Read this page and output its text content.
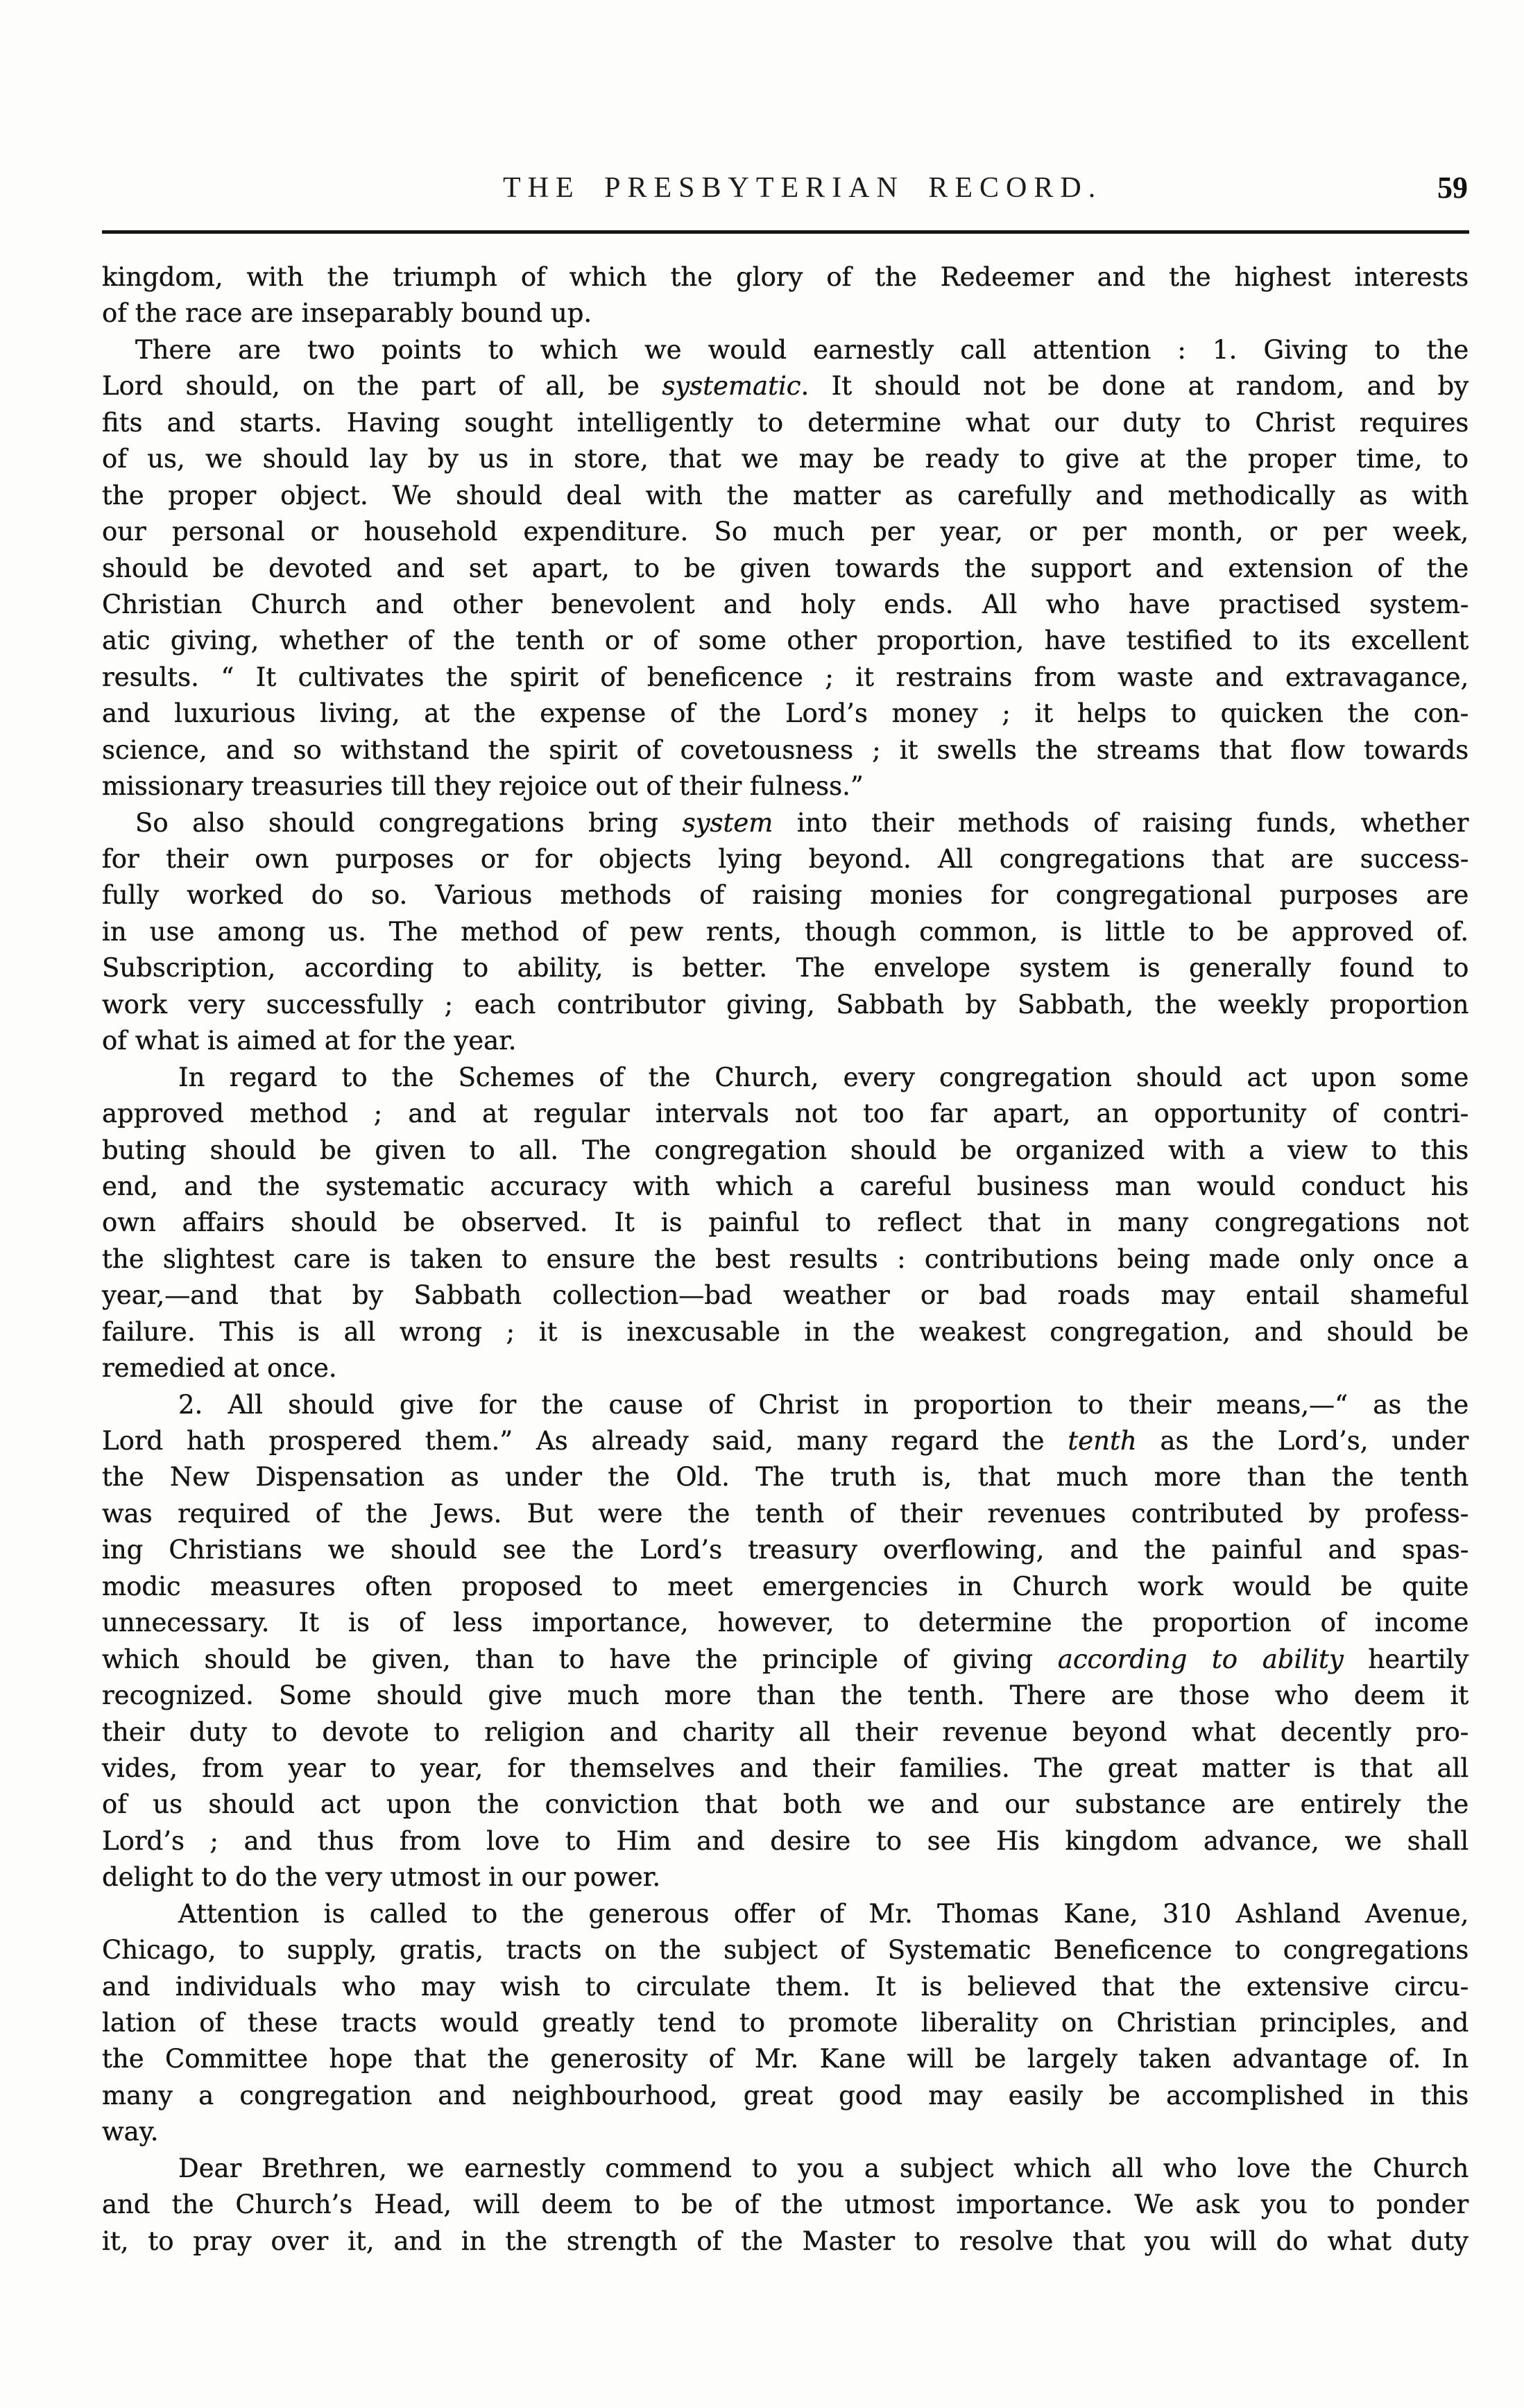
THE PRESBYTERIAN RECORD.	59
kingdom, with the triumph of which the glory of the Redeemer and the highest interests
of the race are inseparably bound up.
There are two points to which we would earnestly call attention : 1. Giving to the
Lord should, on the part of all, be systematic. It should not be done at random, and by
fits and starts. Having sought intelligently to determine what our duty to Christ requires
of us, we should lay by us in store, that we may be ready to give at the proper time, to
the proper object. We should deal with the matter as carefully and methodically as with
our personal or household expenditure. So much per year, or per month, or per week,
should be devoted and set apart, to be given towards the support and extension of the
Christian Church and other benevolent and holy ends. All who have practised system-
atic giving, whether of the tenth or of some other proportion, have testified to its excellent
results. “ It cultivates the spirit of beneficence ; it restrains from waste and extravagance,
and luxurious living, at the expense of the Lord’s money ; it helps to quicken the con-
science, and so withstand the spirit of covetousness ; it swells the streams that flow towards
missionary treasuries till they rejoice out of their fulness.”
So also should congregations bring system into their methods of raising funds, whether
for their own purposes or for objects lying beyond. All congregations that are success-
fully worked do so. Various methods of raising monies for congregational purposes are
in use among us. The method of pew rents, though common, is little to be approved of.
Subscription, according to ability, is better. The envelope system is generally found to
work very successfully ; each contributor giving, Sabbath by Sabbath, the weekly proportion
of what is aimed at for the year.
In regard to the Schemes of the Church, every congregation should act upon some
approved method ; and at regular intervals not too far apart, an opportunity of contri-
buting should be given to all. The congregation should be organized with a view to this
end, and the systematic accuracy with which a careful business man would conduct his
own affairs should be observed. It is painful to reflect that in many congregations not
the slightest care is taken to ensure the best results : contributions being made only once a
year,—and that by Sabbath collection—bad weather or bad roads may entail shameful
failure. This is all wrong ; it is inexcusable in the weakest congregation, and should be
remedied at once.
2. All should give for the cause of Christ in proportion to their means,—“ as the
Lord hath prospered them.” As already said, many regard the tenth as the Lord’s, under
the New Dispensation as under the Old. The truth is, that much more than the tenth
was required of the Jews. But were the tenth of their revenues contributed by profess-
ing Christians we should see the Lord’s treasury overflowing, and the painful and spas-
modic measures often proposed to meet emergencies in Church work would be quite
unnecessary. It is of less importance, however, to determine the proportion of income
which should be given, than to have the principle of giving according to ability heartily
recognized. Some should give much more than the tenth. There are those who deem it
their duty to devote to religion and charity all their revenue beyond what decently pro-
vides, from year to year, for themselves and their families. The great matter is that all
of us should act upon the conviction that both we and our substance are entirely the
Lord’s ; and thus from love to Him and desire to see His kingdom advance, we shall
delight to do the very utmost in our power.
Attention is called to the generous offer of Mr. Thomas Kane, 310 Ashland Avenue,
Chicago, to supply, gratis, tracts on the subject of Systematic Beneficence to congregations
and individuals who may wish to circulate them. It is believed that the extensive circu-
lation of these tracts would greatly tend to promote liberality on Christian principles, and
the Committee hope that the generosity of Mr. Kane will be largely taken advantage of. In
many a congregation and neighbourhood, great good may easily be accomplished in this
way.
Dear Brethren, we earnestly commend to you a subject which all who love the Church
and the Church’s Head, will deem to be of the utmost importance. We ask you to ponder
it, to pray over it, and in the strength of the Master to resolve that you will do what duty
